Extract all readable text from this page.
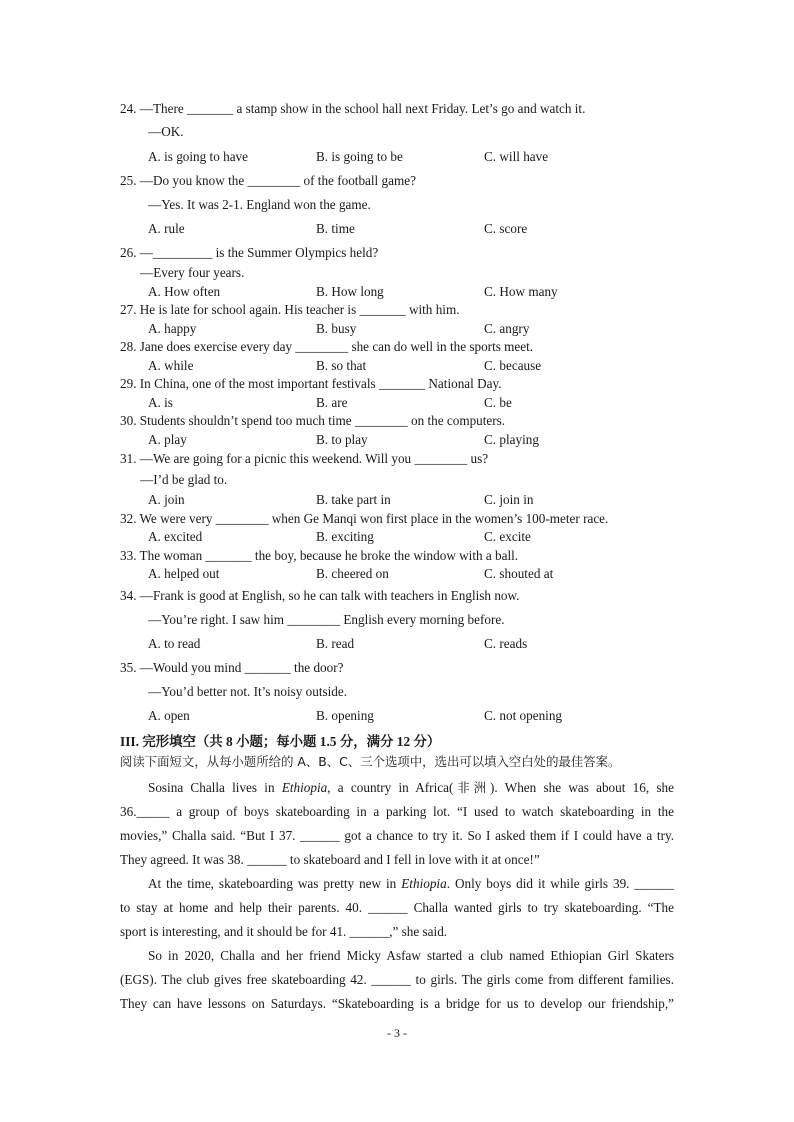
24. —There _______ a stamp show in the school hall next Friday. Let’s go and watch it.
—OK.
A. is going to have	B. is going to be	C. will have
25. —Do you know the ________ of the football game?
—Yes. It was 2-1. England won the game.
A. rule	B. time	C. score
26. —_________ is the Summer Olympics held?
—Every four years.
A. How often	B. How long	C. How many
27. He is late for school again. His teacher is _______ with him.
A. happy	B. busy	C. angry
28. Jane does exercise every day ________ she can do well in the sports meet.
A. while	B. so that	C. because
29. In China, one of the most important festivals _______ National Day.
A. is	B. are	C. be
30. Students shouldn’t spend too much time ________ on the computers.
A. play	B. to play	C. playing
31. —We are going for a picnic this weekend. Will you ________ us?
—I’d be glad to.
A. join	B. take part in	C. join in
32. We were very ________ when Ge Manqi won first place in the women’s 100-meter race.
A. excited	B. exciting	C. excite
33. The woman _______ the boy, because he broke the window with a ball.
A. helped out	B. cheered on	C. shouted at
34. —Frank is good at English, so he can talk with teachers in English now.
—You’re right. I saw him ________ English every morning before.
A. to read	B. read	C. reads
35. —Would you mind _______ the door?
—You’d better not. It’s noisy outside.
A. open	B. opening	C. not opening
III. 完形填空（共 8 小题；每小题 1.5 分，满分 12 分）
阅读下面短文，从每小题所给的 A、B、C、三个选项中，选出可以填入空白处的最佳答案。
Sosina Challa lives in Ethiopia, a country in Africa(非洲). When she was about 16, she
36._____ a group of boys skateboarding in a parking lot. “I used to watch skateboarding in the
movies,” Challa said. “But I 37. ______ got a chance to try it. So I asked them if I could have a try.
They agreed. It was 38. ______ to skateboard and I fell in love with it at once!”
At the time, skateboarding was pretty new in Ethiopia. Only boys did it while girls 39. ______
to stay at home and help their parents. 40. ______ Challa wanted girls to try skateboarding. “The
sport is interesting, and it should be for 41. ______,” she said.
So in 2020, Challa and her friend Micky Asfaw started a club named Ethiopian Girl Skaters
(EGS). The club gives free skateboarding 42. ______ to girls. The girls come from different families.
They can have lessons on Saturdays. “Skateboarding is a bridge for us to develop our friendship,”
- 3 -
